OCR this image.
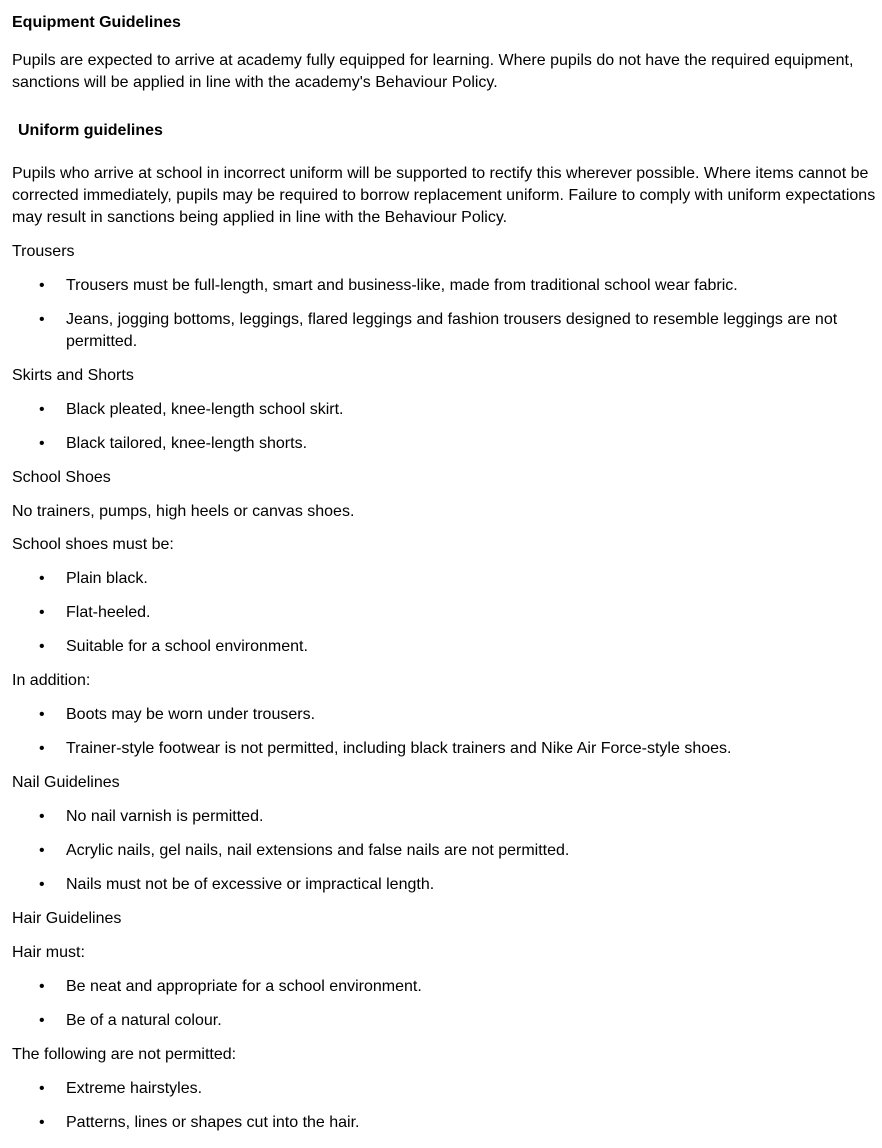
Equipment Guidelines
Pupils are expected to arrive at academy fully equipped for learning. Where pupils do not have the required equipment, sanctions will be applied in line with the academy's Behaviour Policy.
Uniform guidelines
Pupils who arrive at school in incorrect uniform will be supported to rectify this wherever possible. Where items cannot be corrected immediately, pupils may be required to borrow replacement uniform. Failure to comply with uniform expectations may result in sanctions being applied in line with the Behaviour Policy.
Trousers
• Trousers must be full-length, smart and business-like, made from traditional school wear fabric.
• Jeans, jogging bottoms, leggings, flared leggings and fashion trousers designed to resemble leggings are not permitted.
Skirts and Shorts
• Black pleated, knee-length school skirt.
• Black tailored, knee-length shorts.
School Shoes
No trainers, pumps, high heels or canvas shoes.
School shoes must be:
• Plain black.
• Flat-heeled.
• Suitable for a school environment.
In addition:
• Boots may be worn under trousers.
• Trainer-style footwear is not permitted, including black trainers and Nike Air Force-style shoes.
Nail Guidelines
• No nail varnish is permitted.
• Acrylic nails, gel nails, nail extensions and false nails are not permitted.
• Nails must not be of excessive or impractical length.
Hair Guidelines
Hair must:
• Be neat and appropriate for a school environment.
• Be of a natural colour.
The following are not permitted:
• Extreme hairstyles.
• Patterns, lines or shapes cut into the hair.
